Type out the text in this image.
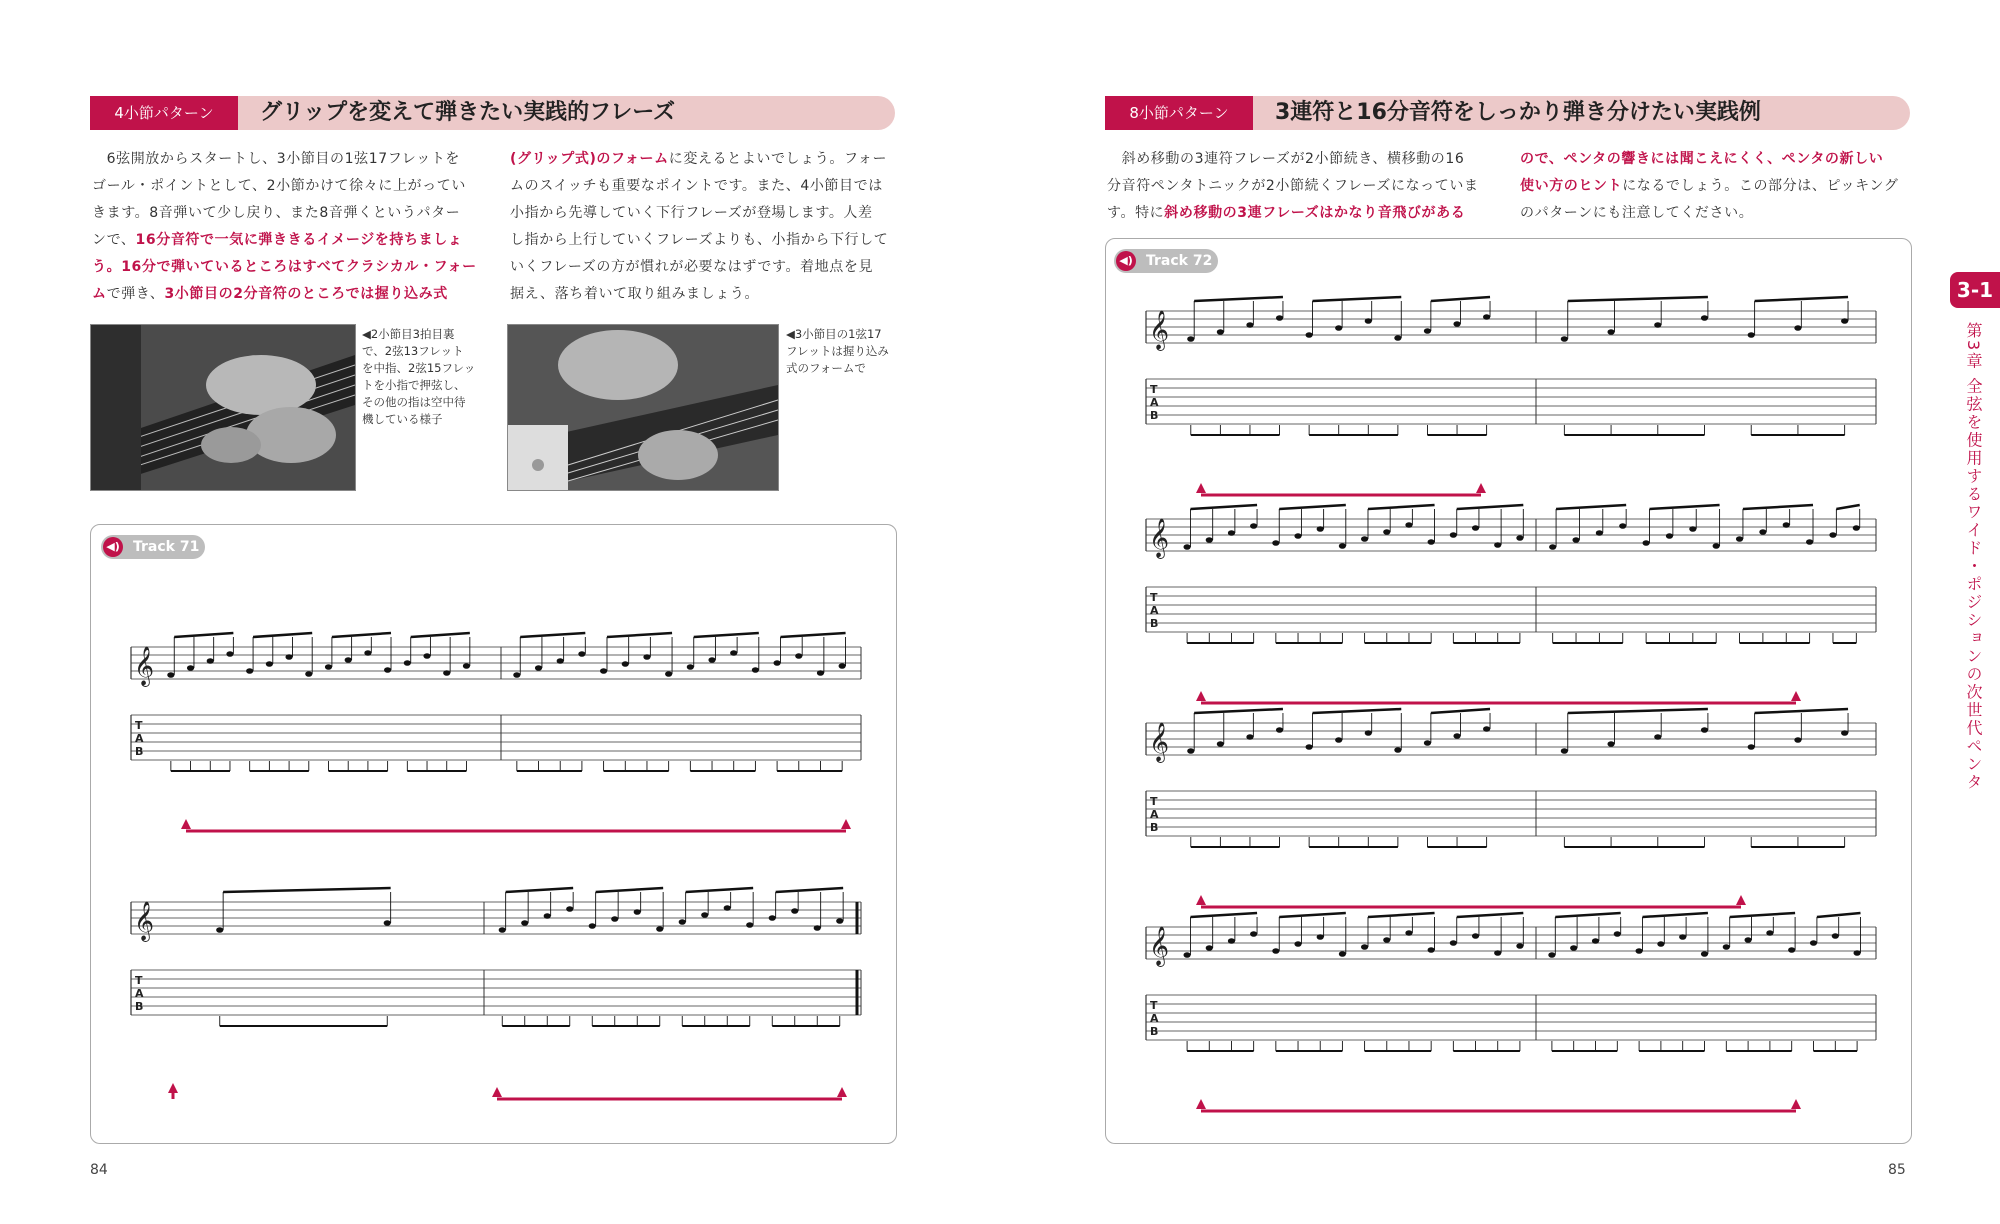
4小節パターン	グリップを変えて弾きたい実践的フレーズ
　6弦開放からスタートし、3小節目の1弦17フレットを
ゴール・ポイントとして、2小節かけて徐々に上がってい
きます。8音弾いて少し戻り、また8音弾くというパター
ンで、16分音符で一気に弾ききるイメージを持ちましょ
う。16分で弾いているところはすべてクラシカル・フォー
ムで弾き、3小節目の2分音符のところでは握り込み式
(グリップ式)のフォームに変えるとよいでしょう。フォー
ムのスイッチも重要なポイントです。また、4小節目では
小指から先導していく下行フレーズが登場します。人差
し指から上行していくフレーズよりも、小指から下行して
いくフレーズの方が慣れが必要なはずです。着地点を見
据え、落ち着いて取り組みましょう。
◀2小節目3拍目裏
で、2弦13フレット
を中指、2弦15フレッ
トを小指で押弦し、
その他の指は空中待
機している様子
◀3小節目の1弦17
フレットは握り込み
式のフォームで
◀) Track 71
𝄞
T
A
B
𝄞
T
A
B
84
8小節パターン	3連符と16分音符をしっかり弾き分けたい実践例
　斜め移動の3連符フレーズが2小節続き、横移動の16
分音符ペンタトニックが2小節続くフレーズになっていま
す。特に斜め移動の3連フレーズはかなり音飛びがある
ので、ペンタの響きには聞こえにくく、ペンタの新しい
使い方のヒントになるでしょう。この部分は、ピッキング
のパターンにも注意してください。
◀) Track 72
𝄞
T
A
B
𝄞
T
A
B
𝄞
T
A
B
𝄞
T
A
B
85
3-1
第3章 全弦を使用するワイド・ポジションの次世代ペンタ
